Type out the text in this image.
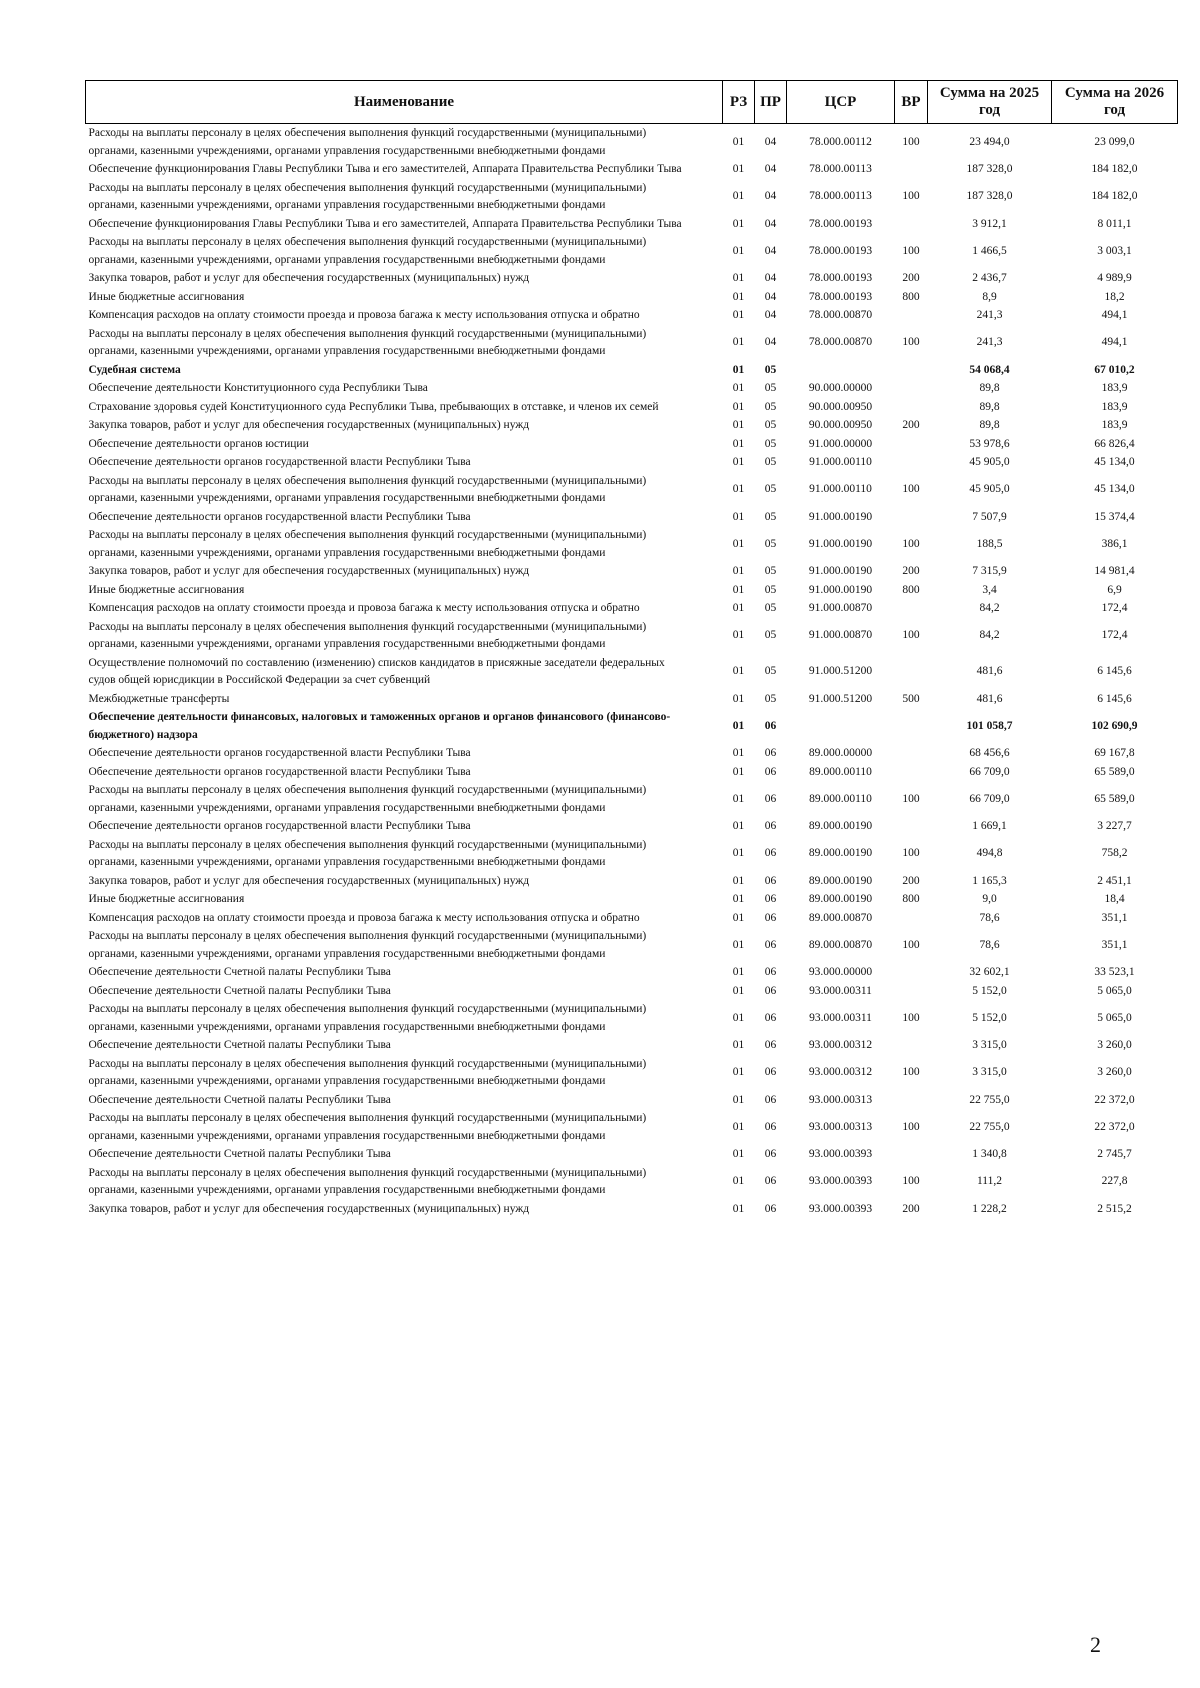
Наименование	РЗ	ПР	ЦСР	ВР	Сумма на 2025 год	Сумма на 2026 год
Расходы на выплаты персоналу в целях обеспечения выполнения функций государственными (муниципальными) органами, казенными учреждениями, органами управления государственными внебюджетными фондами	01	04	78.000.00112	100	23 494,0	23 099,0
Обеспечение функционирования Главы Республики Тыва и его заместителей, Аппарата Правительства Республики Тыва	01	04	78.000.00113		187 328,0	184 182,0
Расходы на выплаты персоналу в целях обеспечения выполнения функций государственными (муниципальными) органами, казенными учреждениями, органами управления государственными внебюджетными фондами	01	04	78.000.00113	100	187 328,0	184 182,0
Обеспечение функционирования Главы Республики Тыва и его заместителей, Аппарата Правительства Республики Тыва	01	04	78.000.00193		3 912,1	8 011,1
Расходы на выплаты персоналу в целях обеспечения выполнения функций государственными (муниципальными) органами, казенными учреждениями, органами управления государственными внебюджетными фондами	01	04	78.000.00193	100	1 466,5	3 003,1
Закупка товаров, работ и услуг для обеспечения государственных (муниципальных) нужд	01	04	78.000.00193	200	2 436,7	4 989,9
Иные бюджетные ассигнования	01	04	78.000.00193	800	8,9	18,2
Компенсация расходов на оплату стоимости проезда и провоза багажа к месту использования отпуска и обратно	01	04	78.000.00870		241,3	494,1
Расходы на выплаты персоналу в целях обеспечения выполнения функций государственными (муниципальными) органами, казенными учреждениями, органами управления государственными внебюджетными фондами	01	04	78.000.00870	100	241,3	494,1
Судебная система	01	05			54 068,4	67 010,2
Обеспечение деятельности Конституционного суда Республики Тыва	01	05	90.000.00000		89,8	183,9
Страхование здоровья судей Конституционного суда Республики Тыва, пребывающих в отставке, и членов их семей	01	05	90.000.00950		89,8	183,9
Закупка товаров, работ и услуг для обеспечения государственных (муниципальных) нужд	01	05	90.000.00950	200	89,8	183,9
Обеспечение деятельности органов юстиции	01	05	91.000.00000		53 978,6	66 826,4
Обеспечение деятельности органов государственной власти Республики Тыва	01	05	91.000.00110		45 905,0	45 134,0
Расходы на выплаты персоналу в целях обеспечения выполнения функций государственными (муниципальными) органами, казенными учреждениями, органами управления государственными внебюджетными фондами	01	05	91.000.00110	100	45 905,0	45 134,0
Обеспечение деятельности органов государственной власти Республики Тыва	01	05	91.000.00190		7 507,9	15 374,4
Расходы на выплаты персоналу в целях обеспечения выполнения функций государственными (муниципальными) органами, казенными учреждениями, органами управления государственными внебюджетными фондами	01	05	91.000.00190	100	188,5	386,1
Закупка товаров, работ и услуг для обеспечения государственных (муниципальных) нужд	01	05	91.000.00190	200	7 315,9	14 981,4
Иные бюджетные ассигнования	01	05	91.000.00190	800	3,4	6,9
Компенсация расходов на оплату стоимости проезда и провоза багажа к месту использования отпуска и обратно	01	05	91.000.00870		84,2	172,4
Расходы на выплаты персоналу в целях обеспечения выполнения функций государственными (муниципальными) органами, казенными учреждениями, органами управления государственными внебюджетными фондами	01	05	91.000.00870	100	84,2	172,4
Осуществление полномочий по составлению (изменению) списков кандидатов в присяжные заседатели федеральных судов общей юрисдикции в Российской Федерации за счет субвенций	01	05	91.000.51200		481,6	6 145,6
Межбюджетные трансферты	01	05	91.000.51200	500	481,6	6 145,6
Обеспечение деятельности финансовых, налоговых и таможенных органов и органов финансового (финансово-бюджетного) надзора	01	06			101 058,7	102 690,9
Обеспечение деятельности органов государственной власти Республики Тыва	01	06	89.000.00000		68 456,6	69 167,8
Обеспечение деятельности органов государственной власти Республики Тыва	01	06	89.000.00110		66 709,0	65 589,0
Расходы на выплаты персоналу в целях обеспечения выполнения функций государственными (муниципальными) органами, казенными учреждениями, органами управления государственными внебюджетными фондами	01	06	89.000.00110	100	66 709,0	65 589,0
Обеспечение деятельности органов государственной власти Республики Тыва	01	06	89.000.00190		1 669,1	3 227,7
Расходы на выплаты персоналу в целях обеспечения выполнения функций государственными (муниципальными) органами, казенными учреждениями, органами управления государственными внебюджетными фондами	01	06	89.000.00190	100	494,8	758,2
Закупка товаров, работ и услуг для обеспечения государственных (муниципальных) нужд	01	06	89.000.00190	200	1 165,3	2 451,1
Иные бюджетные ассигнования	01	06	89.000.00190	800	9,0	18,4
Компенсация расходов на оплату стоимости проезда и провоза багажа к месту использования отпуска и обратно	01	06	89.000.00870		78,6	351,1
Расходы на выплаты персоналу в целях обеспечения выполнения функций государственными (муниципальными) органами, казенными учреждениями, органами управления государственными внебюджетными фондами	01	06	89.000.00870	100	78,6	351,1
Обеспечение деятельности Счетной палаты Республики Тыва	01	06	93.000.00000		32 602,1	33 523,1
Обеспечение деятельности Счетной палаты Республики Тыва	01	06	93.000.00311		5 152,0	5 065,0
Расходы на выплаты персоналу в целях обеспечения выполнения функций государственными (муниципальными) органами, казенными учреждениями, органами управления государственными внебюджетными фондами	01	06	93.000.00311	100	5 152,0	5 065,0
Обеспечение деятельности Счетной палаты Республики Тыва	01	06	93.000.00312		3 315,0	3 260,0
Расходы на выплаты персоналу в целях обеспечения выполнения функций государственными (муниципальными) органами, казенными учреждениями, органами управления государственными внебюджетными фондами	01	06	93.000.00312	100	3 315,0	3 260,0
Обеспечение деятельности Счетной палаты Республики Тыва	01	06	93.000.00313		22 755,0	22 372,0
Расходы на выплаты персоналу в целях обеспечения выполнения функций государственными (муниципальными) органами, казенными учреждениями, органами управления государственными внебюджетными фондами	01	06	93.000.00313	100	22 755,0	22 372,0
Обеспечение деятельности Счетной палаты Республики Тыва	01	06	93.000.00393		1 340,8	2 745,7
Расходы на выплаты персоналу в целях обеспечения выполнения функций государственными (муниципальными) органами, казенными учреждениями, органами управления государственными внебюджетными фондами	01	06	93.000.00393	100	111,2	227,8
Закупка товаров, работ и услуг для обеспечения государственных (муниципальных) нужд	01	06	93.000.00393	200	1 228,2	2 515,2
2
